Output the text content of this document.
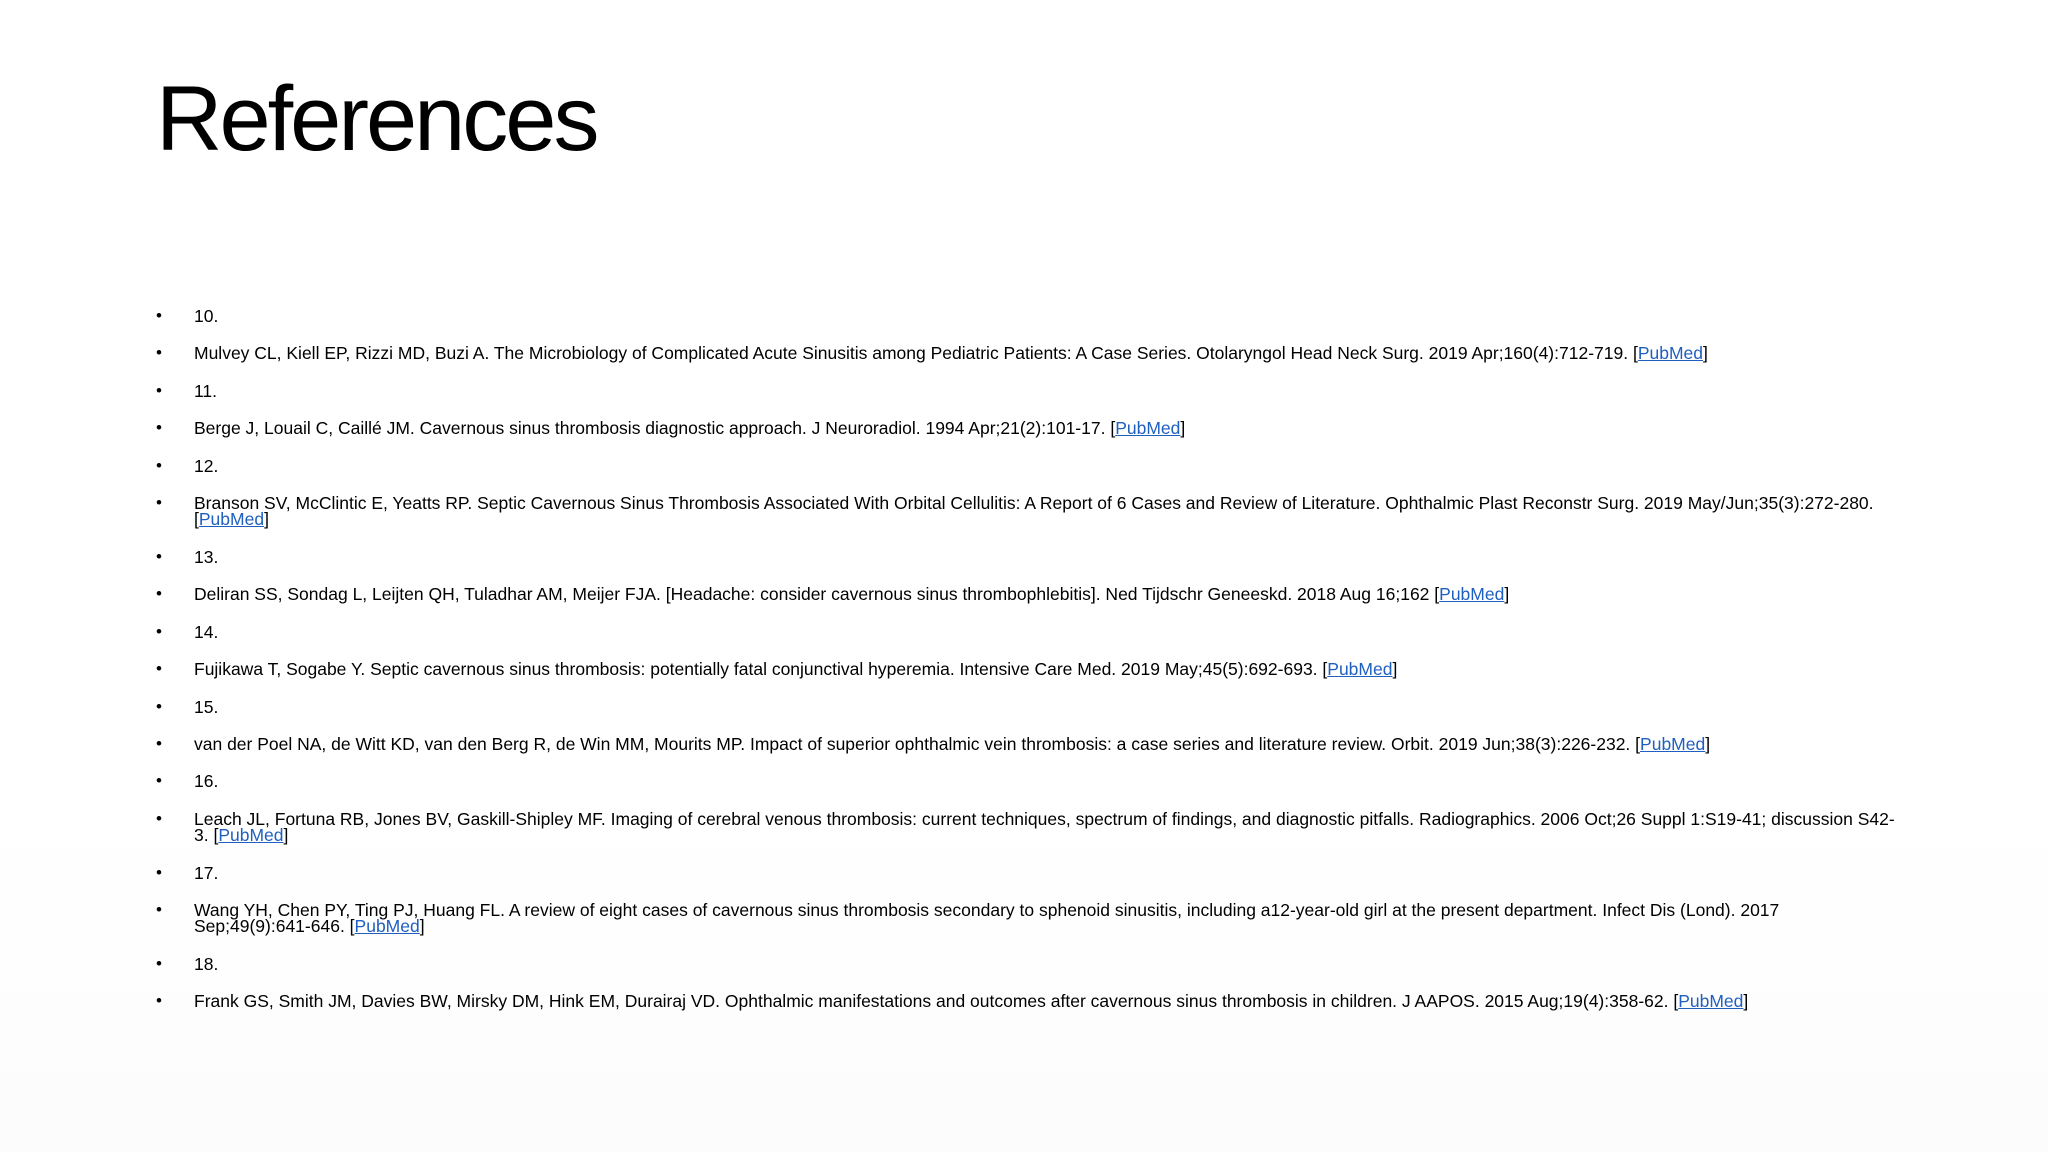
References
• 10.
• Mulvey CL, Kiell EP, Rizzi MD, Buzi A. The Microbiology of Complicated Acute Sinusitis among Pediatric Patients: A Case Series. Otolaryngol Head Neck Surg. 2019 Apr;160(4):712-719. [PubMed]
• 11.
• Berge J, Louail C, Caillé JM. Cavernous sinus thrombosis diagnostic approach. J Neuroradiol. 1994 Apr;21(2):101-17. [PubMed]
• 12.
• Branson SV, McClintic E, Yeatts RP. Septic Cavernous Sinus Thrombosis Associated With Orbital Cellulitis: A Report of 6 Cases and Review of Literature. Ophthalmic Plast Reconstr Surg. 2019 May/Jun;35(3):272-280. [PubMed]
• 13.
• Deliran SS, Sondag L, Leijten QH, Tuladhar AM, Meijer FJA. [Headache: consider cavernous sinus thrombophlebitis]. Ned Tijdschr Geneeskd. 2018 Aug 16;162 [PubMed]
• 14.
• Fujikawa T, Sogabe Y. Septic cavernous sinus thrombosis: potentially fatal conjunctival hyperemia. Intensive Care Med. 2019 May;45(5):692-693. [PubMed]
• 15.
• van der Poel NA, de Witt KD, van den Berg R, de Win MM, Mourits MP. Impact of superior ophthalmic vein thrombosis: a case series and literature review. Orbit. 2019 Jun;38(3):226-232. [PubMed]
• 16.
• Leach JL, Fortuna RB, Jones BV, Gaskill-Shipley MF. Imaging of cerebral venous thrombosis: current techniques, spectrum of findings, and diagnostic pitfalls. Radiographics. 2006 Oct;26 Suppl 1:S19-41; discussion S42-3. [PubMed]
• 17.
• Wang YH, Chen PY, Ting PJ, Huang FL. A review of eight cases of cavernous sinus thrombosis secondary to sphenoid sinusitis, including a12-year-old girl at the present department. Infect Dis (Lond). 2017 Sep;49(9):641-646. [PubMed]
• 18.
• Frank GS, Smith JM, Davies BW, Mirsky DM, Hink EM, Durairaj VD. Ophthalmic manifestations and outcomes after cavernous sinus thrombosis in children. J AAPOS. 2015 Aug;19(4):358-62. [PubMed]
